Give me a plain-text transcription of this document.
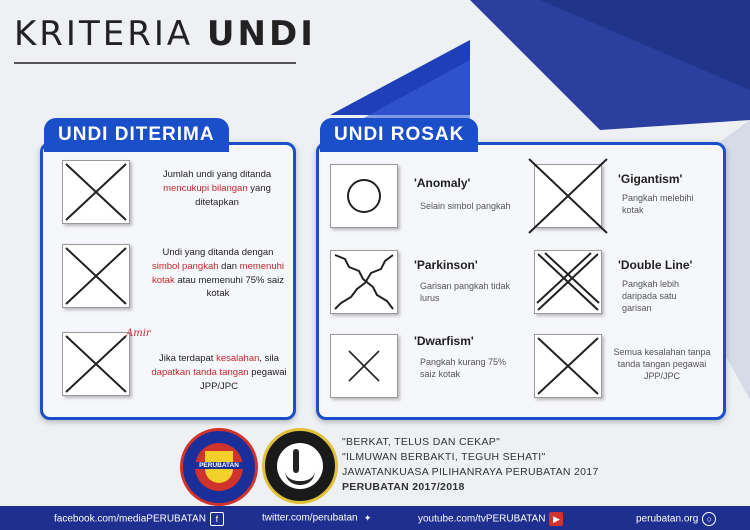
KRITERIA UNDI
UNDI DITERIMA
Jumlah undi yang ditanda mencukupi bilangan yang ditetapkan
Undi yang ditanda dengan simbol pangkah dan memenuhi kotak atau memenuhi 75% saiz kotak
Amir
Jika terdapat kesalahan, sila dapatkan tanda tangan pegawai JPP/JPC
UNDI ROSAK
'Anomaly'
Selain simbol pangkah
'Gigantism'
Pangkah melebihi kotak
'Parkinson'
Garisan pangkah tidak lurus
'Double Line'
Pangkah lebih daripada satu garisan
'Dwarfism'
Pangkah kurang 75% saiz kotak
Semua kesalahan tanpa tanda tangan pegawai JPP/JPC
PERUBATAN
"BERKAT, TELUS DAN CEKAP"
"ILMUWAN BERBAKTI, TEGUH SEHATI"
JAWATANKUASA PILIHANRAYA PERUBATAN 2017
PERUBATAN 2017/2018
facebook.com/mediaPERUBATAN f	twitter.com/perubatan ✦	youtube.com/tvPERUBATAN ▶	perubatan.org ○
